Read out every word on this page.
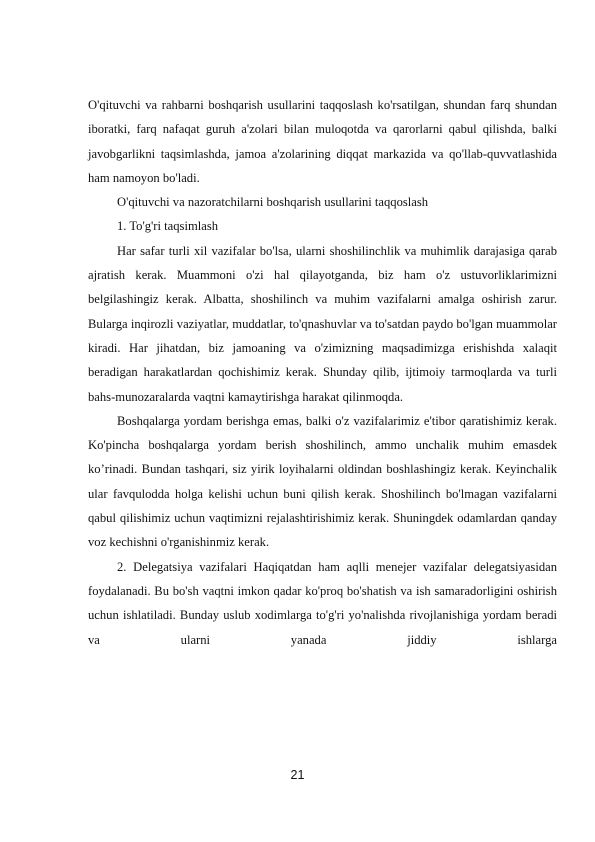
O'qituvchi va rahbarni boshqarish usullarini taqqoslash ko'rsatilgan, shundan farq shundan iboratki, farq nafaqat guruh a'zolari bilan muloqotda va qarorlarni qabul qilishda, balki javobgarlikni taqsimlashda, jamoa a'zolarining diqqat markazida va qo'llab-quvvatlashida ham namoyon bo'ladi.

O'qituvchi va nazoratchilarni boshqarish usullarini taqqoslash

1. To'g'ri taqsimlash

Har safar turli xil vazifalar bo'lsa, ularni shoshilinchlik va muhimlik darajasiga qarab ajratish kerak. Muammoni o'zi hal qilayotganda, biz ham o'z ustuvorliklarimizni belgilashingiz kerak. Albatta, shoshilinch va muhim vazifalarni amalga oshirish zarur. Bularga inqirozli vaziyatlar, muddatlar, to'qnashuvlar va to'satdan paydo bo'lgan muammolar kiradi. Har jihatdan, biz jamoaning va o'zimizning maqsadimizga erishishda xalaqit beradigan harakatlardan qochishimiz kerak. Shunday qilib, ijtimoiy tarmoqlarda va turli bahs-munozaralarda vaqtni kamaytirishga harakat qilinmoqda.

Boshqalarga yordam berishga emas, balki o'z vazifalarimiz e'tibor qaratishimiz kerak. Ko'pincha boshqalarga yordam berish shoshilinch, ammo unchalik muhim emasdek ko’rinadi. Bundan tashqari, siz yirik loyihalarni oldindan boshlashingiz kerak. Keyinchalik ular favqulodda holga kelishi uchun buni qilish kerak. Shoshilinch bo'lmagan vazifalarni qabul qilishimiz uchun vaqtimizni rejalashtirishimiz kerak. Shuningdek odamlardan qanday voz kechishni o'rganishinmiz kerak.

2. Delegatsiya vazifalari Haqiqatdan ham aqlli menejer vazifalar delegatsiyasidan foydalanadi. Bu bo'sh vaqtni imkon qadar ko'proq bo'shatish va ish samaradorligini oshirish uchun ishlatiladi. Bunday uslub xodimlarga to'g'ri yo'nalishda rivojlanishiga yordam beradi va ularni yanada jiddiy ishlarga

21
